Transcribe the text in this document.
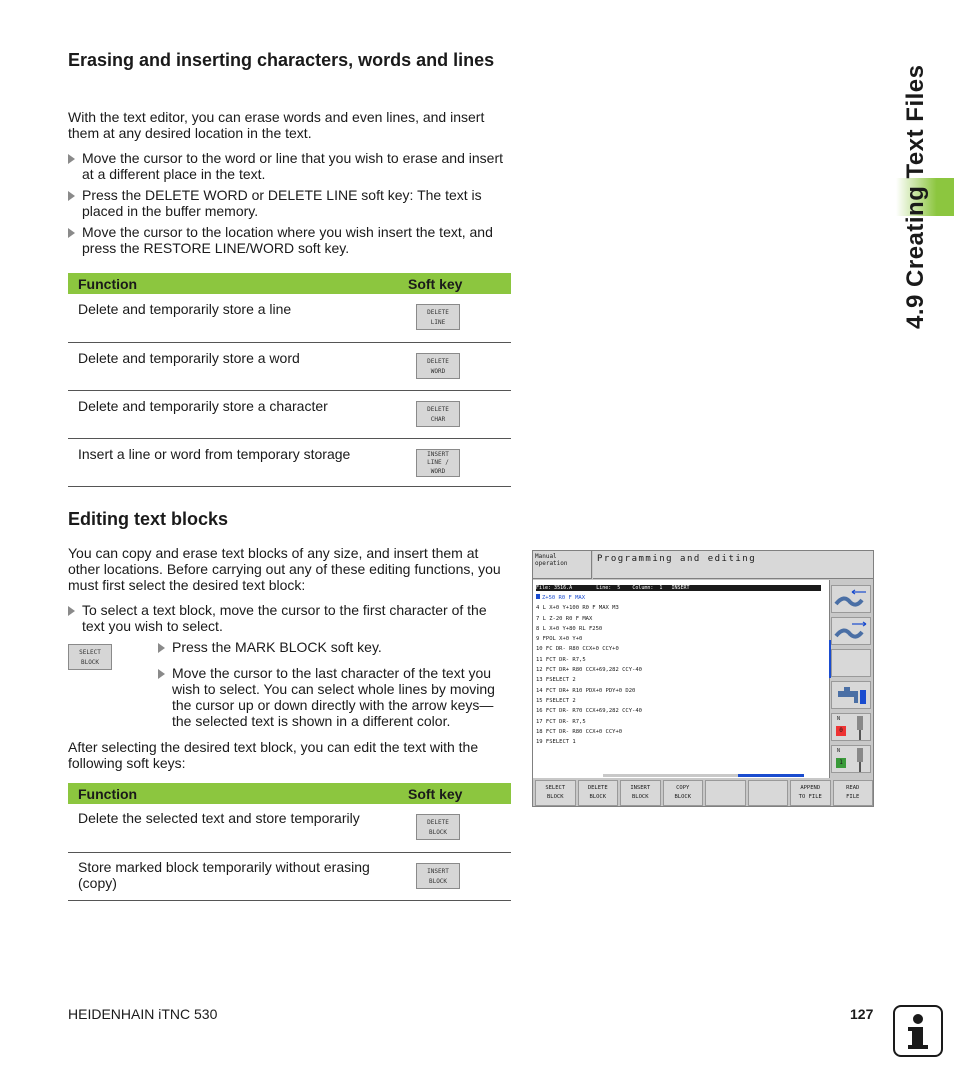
4.9 Creating Text Files
Erasing and inserting characters, words and lines

With the text editor, you can erase words and even lines, and insert them at any desired location in the text.

Move the cursor to the word or line that you wish to erase and insert at a different place in the text.
Press the DELETE WORD or DELETE LINE soft key: The text is placed in the buffer memory.
Move the cursor to the location where you wish insert the text, and press the RESTORE LINE/WORD soft key.
Function	Soft key
Delete and temporarily store a line	DELETE
LINE
Delete and temporarily store a word	DELETE
WORD
Delete and temporarily store a character	DELETE
CHAR
Insert a line or word from temporary storage	INSERT
LINE /
WORD
Editing text blocks

You can copy and erase text blocks of any size, and insert them at other locations. Before carrying out any of these editing functions, you must first select the desired text block:

To select a text block, move the cursor to the first character of the text you wish to select.
SELECT
BLOCK
Press the MARK BLOCK soft key.
Move the cursor to the last character of the text you wish to select. You can select whole lines by moving the cursor up or down directly with the arrow keys—the selected text is shown in a different color.

After selecting the desired text block, you can edit the text with the following soft keys:

Function	Soft key
Delete the selected text and store temporarily	DELETE
BLOCK
Store marked block temporarily without erasing (copy)	INSERT
BLOCK
Manual
operation	Programming and editing
File: 3516.A        Line:  5    Column:  1   INSERT
Z+50 R0 F MAX
4 L X+0 Y+100 R0 F MAX M3
7 L Z-20 R0 F MAX
8 L X+0 Y+80 RL F250
9 FPOL X+0 Y+0
10 FC DR- R80 CCX+0 CCY+0
11 FCT DR- R7,5
12 FCT DR+ R80 CCX+69,282 CCY-40
13 FSELECT 2
14 FCT DR+ R10 PDX+0 PDY+0 D20
15 FSELECT 2
16 FCT DR- R70 CCX+69,282 CCY-40
17 FCT DR- R7,5
18 FCT DR- R80 CCX+0 CCY+0
19 FSELECT 1
N
0
N
1
SELECT
BLOCK
DELETE
BLOCK
INSERT
BLOCK
COPY
BLOCK
APPEND
TO FILE
READ
FILE
HEIDENHAIN iTNC 530	127
